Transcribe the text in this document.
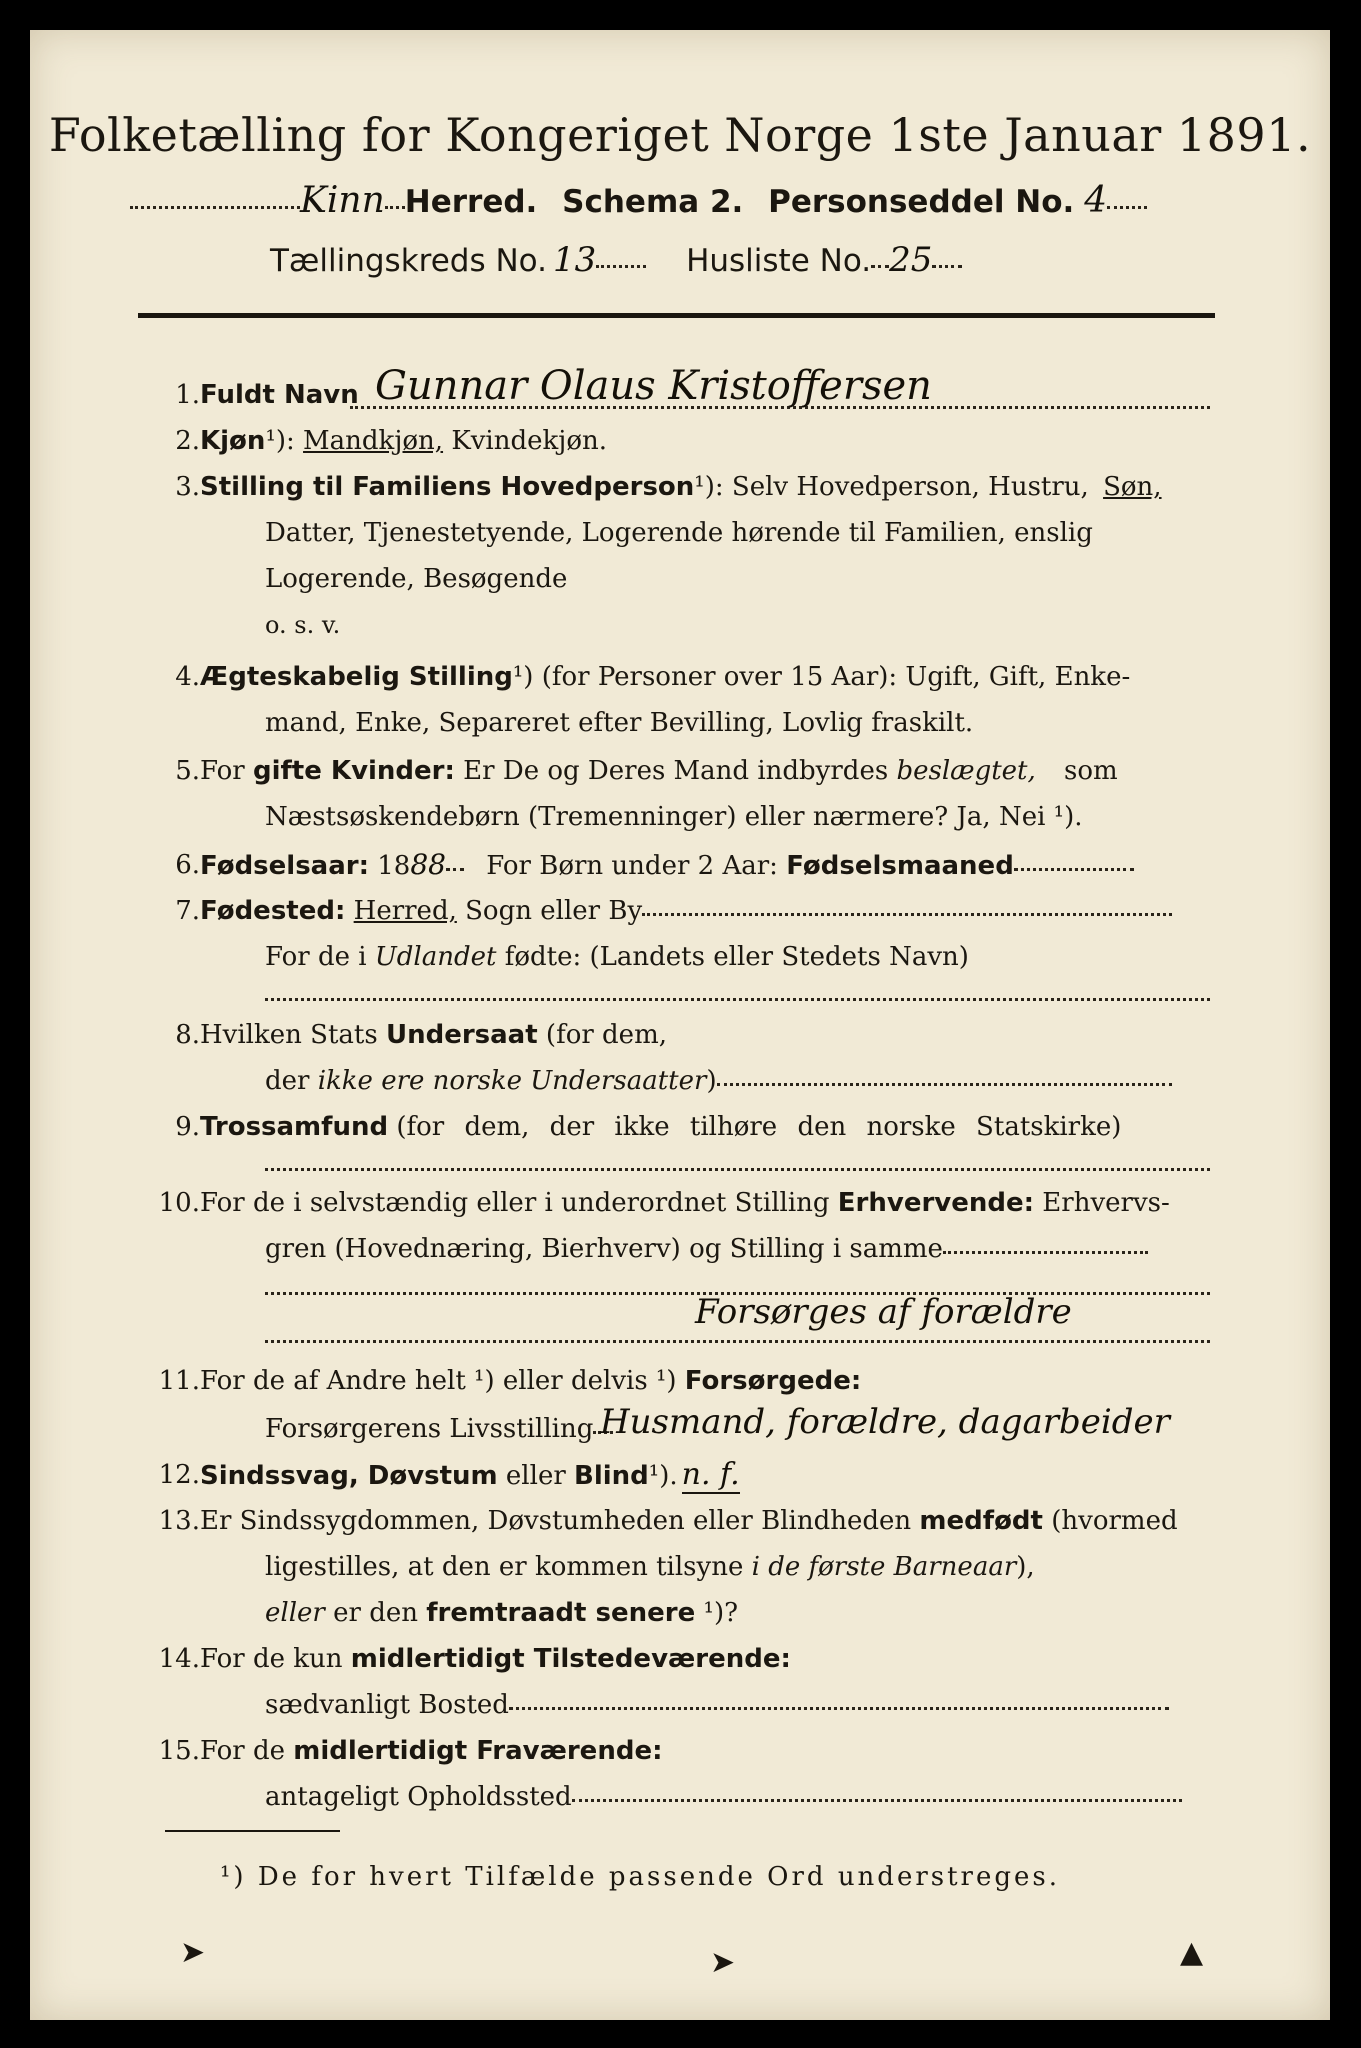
Folketælling for Kongeriget Norge 1ste Januar 1891.
Kinn Herred. Schema 2. Personseddel No. 4
Tællingskreds No. 13	Husliste No. 25
1. Fuldt Navn Gunnar Olaus Kristoffersen
2. Kjøn¹): Mandkjøn, Kvindekjøn.
3. Stilling til Familiens Hovedperson¹): Selv Hovedperson, Hustru, Søn,
Datter, Tjenestetyende, Logerende hørende til Familien, enslig
Logerende, Besøgende
o. s. v.
4. Ægteskabelig Stilling¹) (for Personer over 15 Aar): Ugift, Gift, Enke-
mand, Enke, Separeret efter Bevilling, Lovlig fraskilt.
5. For gifte Kvinder: Er De og Deres Mand indbyrdes beslægtet, som
Næstsøskendebørn (Tremenninger) eller nærmere? Ja, Nei ¹).
6. Fødselsaar: 1888 For Børn under 2 Aar: Fødselsmaaned
7. Fødested: Herred, Sogn eller By
For de i Udlandet fødte: (Landets eller Stedets Navn)
8. Hvilken Stats Undersaat (for dem,
der ikke ere norske Undersaatter)
9. Trossamfund (for dem, der ikke tilhøre den norske Statskirke)
10. For de i selvstændig eller i underordnet Stilling Erhvervende: Erhvervs-
gren (Hovednæring, Bierhverv) og Stilling i samme
Forsørges af forældre
11. For de af Andre helt ¹) eller delvis ¹) Forsørgede:
Forsørgerens Livsstilling Husmand, forældre, dagarbeider
12. Sindssvag, Døvstum eller Blind¹). n. f.
13. Er Sindssygdommen, Døvstumheden eller Blindheden medfødt (hvormed
ligestilles, at den er kommen tilsyne i de første Barneaar),
eller er den fremtraadt senere ¹)?
14. For de kun midlertidigt Tilstedeværende:
sædvanligt Bosted
15. For de midlertidigt Fraværende:
antageligt Opholdssted
¹) De for hvert Tilfælde passende Ord understreges.
➤	➤	▲
